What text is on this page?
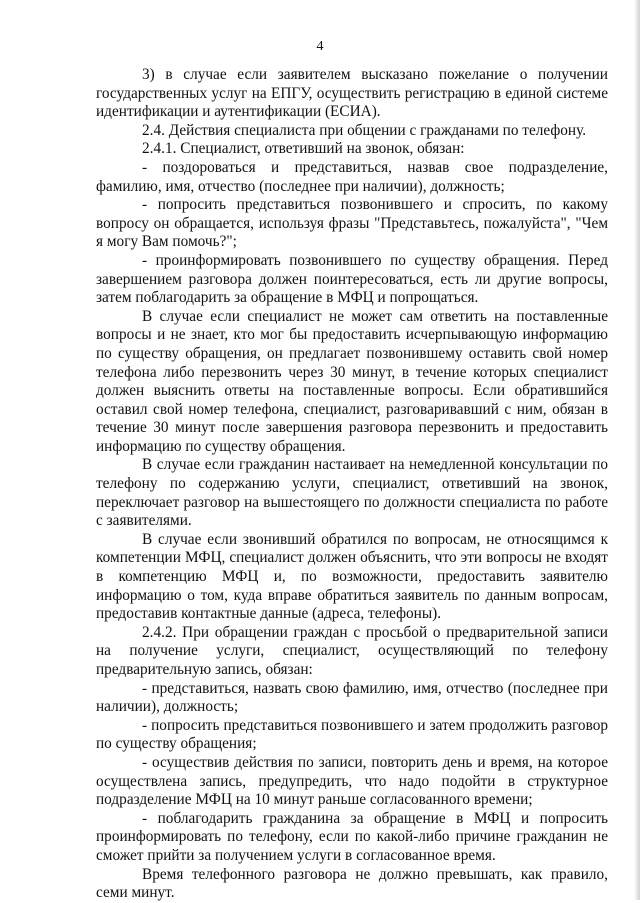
4

3) в случае если заявителем высказано пожелание о получении государственных услуг на ЕПГУ, осуществить регистрацию в единой системе идентификации и аутентификации (ЕСИА).

2.4. Действия специалиста при общении с гражданами по телефону.

2.4.1. Специалист, ответивший на звонок, обязан:

- поздороваться и представиться, назвав свое подразделение, фамилию, имя, отчество (последнее при наличии), должность;

- попросить представиться позвонившего и спросить, по какому вопросу он обращается, используя фразы "Представьтесь, пожалуйста", "Чем я могу Вам помочь?";

- проинформировать позвонившего по существу обращения. Перед завершением разговора должен поинтересоваться, есть ли другие вопросы, затем поблагодарить за обращение в МФЦ и попрощаться.

В случае если специалист не может сам ответить на поставленные вопросы и не знает, кто мог бы предоставить исчерпывающую информацию по существу обращения, он предлагает позвонившему оставить свой номер телефона либо перезвонить через 30 минут, в течение которых специалист должен выяснить ответы на поставленные вопросы. Если обратившийся оставил свой номер телефона, специалист, разговаривавший с ним, обязан в течение 30 минут после завершения разговора перезвонить и предоставить информацию по существу обращения.

В случае если гражданин настаивает на немедленной консультации по телефону по содержанию услуги, специалист, ответивший на звонок, переключает разговор на вышестоящего по должности специалиста по работе с заявителями.

В случае если звонивший обратился по вопросам, не относящимся к компетенции МФЦ, специалист должен объяснить, что эти вопросы не входят в компетенцию МФЦ и, по возможности, предоставить заявителю информацию о том, куда вправе обратиться заявитель по данным вопросам, предоставив контактные данные (адреса, телефоны).

2.4.2. При обращении граждан с просьбой о предварительной записи на получение услуги, специалист, осуществляющий по телефону предварительную запись, обязан:

- представиться, назвать свою фамилию, имя, отчество (последнее при наличии), должность;

- попросить представиться позвонившего и затем продолжить разговор по существу обращения;

- осуществив действия по записи, повторить день и время, на которое осуществлена запись, предупредить, что надо подойти в структурное подразделение МФЦ на 10 минут раньше согласованного времени;

- поблагодарить гражданина за обращение в МФЦ и попросить проинформировать по телефону, если по какой-либо причине гражданин не сможет прийти за получением услуги в согласованное время.

Время телефонного разговора не должно превышать, как правило, семи минут.
